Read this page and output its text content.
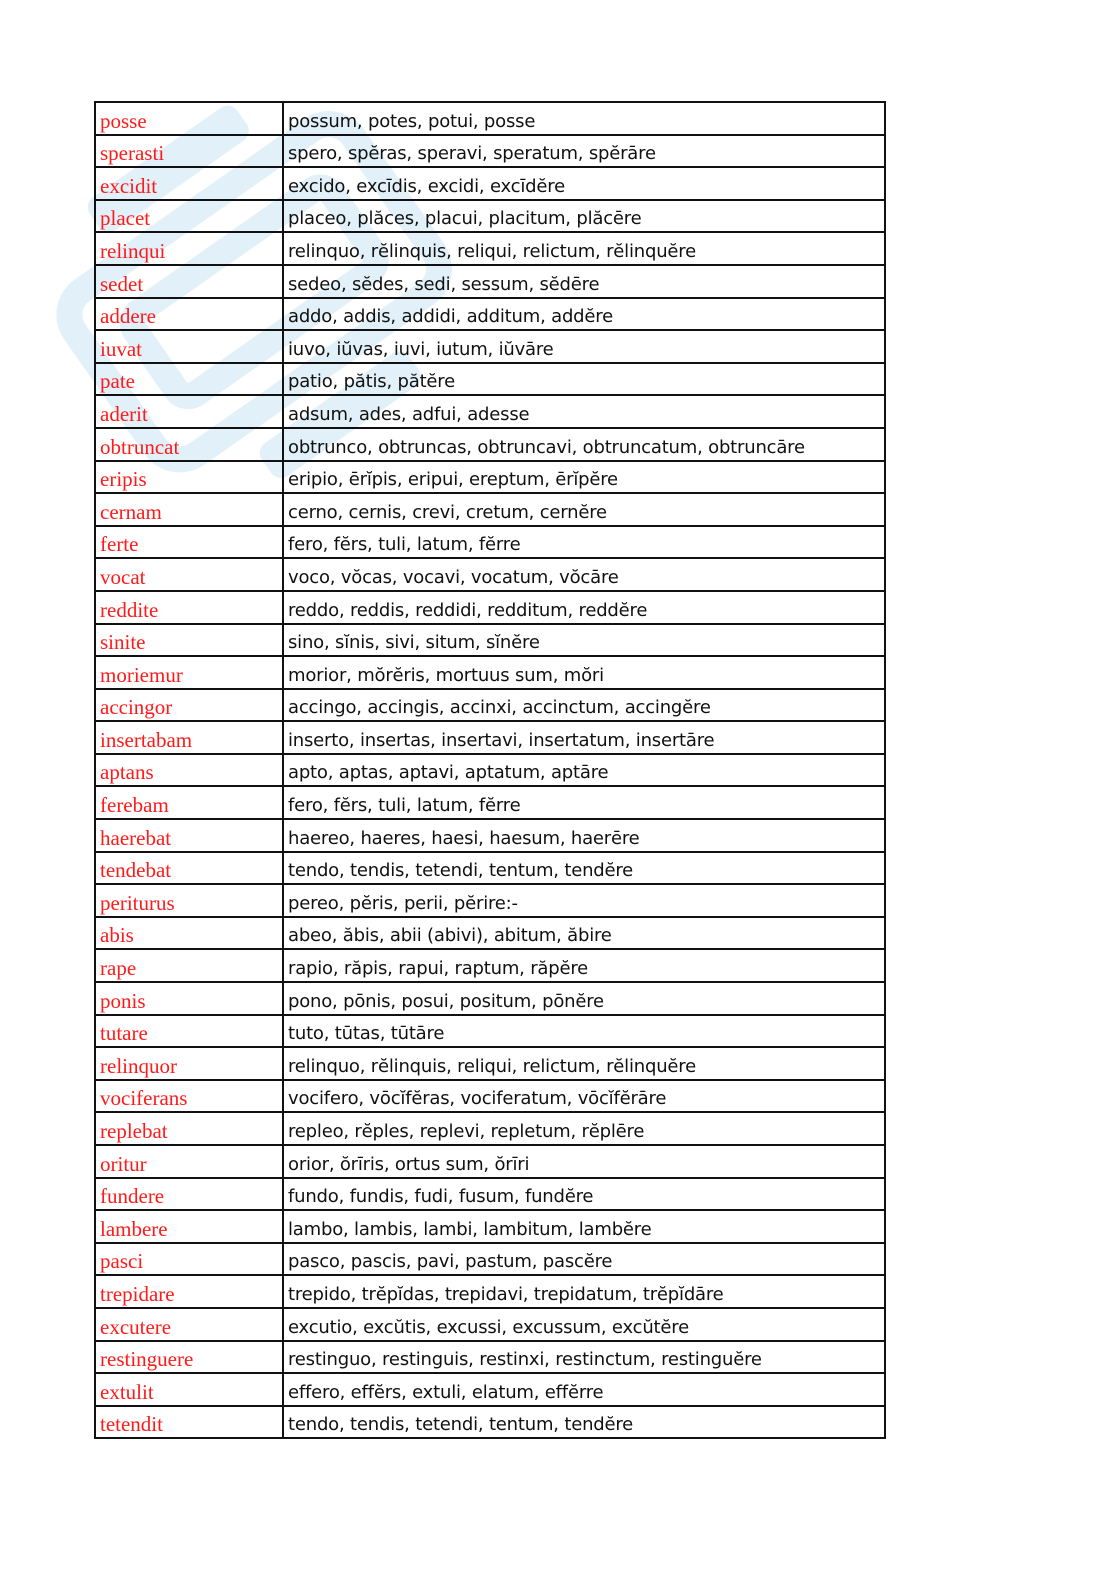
posse	possum, potes, potui, posse
sperasti	spero, spĕras, speravi, speratum, spĕrāre
excidit	excido, excīdis, excidi, excīdĕre
placet	placeo, plăces, placui, placitum, plăcēre
relinqui	relinquo, rĕlinquis, reliqui, relictum, rĕlinquĕre
sedet	sedeo, sĕdes, sedi, sessum, sĕdēre
addere	addo, addis, addidi, additum, addĕre
iuvat	iuvo, iŭvas, iuvi, iutum, iŭvāre
pate	patio, pătis, pătĕre
aderit	adsum, ades, adfui, adesse
obtruncat	obtrunco, obtruncas, obtruncavi, obtruncatum, obtruncāre
eripis	eripio, ērĭpis, eripui, ereptum, ērĭpĕre
cernam	cerno, cernis, crevi, cretum, cernĕre
ferte	fero, fĕrs, tuli, latum, fĕrre
vocat	voco, vŏcas, vocavi, vocatum, vŏcāre
reddite	reddo, reddis, reddidi, redditum, reddĕre
sinite	sino, sĭnis, sivi, situm, sĭnĕre
moriemur	morior, mŏrĕris, mortuus sum, mŏri
accingor	accingo, accingis, accinxi, accinctum, accingĕre
insertabam	inserto, insertas, insertavi, insertatum, insertāre
aptans	apto, aptas, aptavi, aptatum, aptāre
ferebam	fero, fĕrs, tuli, latum, fĕrre
haerebat	haereo, haeres, haesi, haesum, haerēre
tendebat	tendo, tendis, tetendi, tentum, tendĕre
periturus	pereo, pĕris, perii, pĕrire:-
abis	abeo, ăbis, abii (abivi), abitum, ăbire
rape	rapio, răpis, rapui, raptum, răpĕre
ponis	pono, pōnis, posui, positum, pōnĕre
tutare	tuto, tūtas, tūtāre
relinquor	relinquo, rĕlinquis, reliqui, relictum, rĕlinquĕre
vociferans	vocifero, vōcĭfĕras, vociferatum, vōcĭfĕrāre
replebat	repleo, rĕples, replevi, repletum, rĕplēre
oritur	orior, ŏrīris, ortus sum, ŏrīri
fundere	fundo, fundis, fudi, fusum, fundĕre
lambere	lambo, lambis, lambi, lambitum, lambĕre
pasci	pasco, pascis, pavi, pastum, pascĕre
trepidare	trepido, trĕpĭdas, trepidavi, trepidatum, trĕpĭdāre
excutere	excutio, excŭtis, excussi, excussum, excŭtĕre
restinguere	restinguo, restinguis, restinxi, restinctum, restinguĕre
extulit	effero, effĕrs, extuli, elatum, effĕrre
tetendit	tendo, tendis, tetendi, tentum, tendĕre
